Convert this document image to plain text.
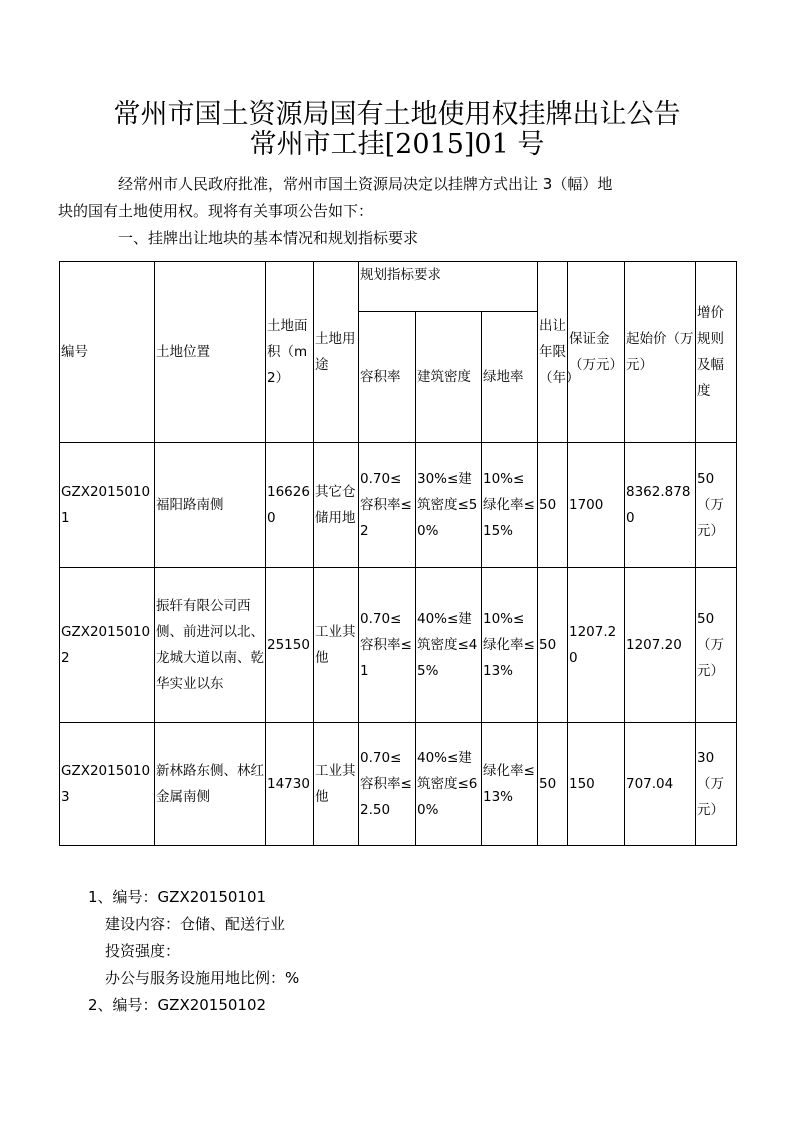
常州市国土资源局国有土地使用权挂牌出让公告
常州市工挂[2015]01 号

经常州市人民政府批准，常州市国土资源局决定以挂牌方式出让 3（幅）地

块的国有土地使用权。现将有关事项公告如下：

一、挂牌出让地块的基本情况和规划指标要求

编号	土地位置	土地面积（m2）	土地用途	规划指标要求			出让年限（年）	保证金（万元）	起始价（万元）	增价规则及幅度
				容积率	建筑密度	绿地率				
GZX20150101	福阳路南侧	166260	其它仓储用地	0.70≤容积率≤2	30%≤建筑密度≤50%	10%≤绿化率≤15%	50	1700	8362.8780	50（万元）
GZX20150102	振轩有限公司西侧、前进河以北、龙城大道以南、乾华实业以东	25150	工业其他	0.70≤容积率≤1	40%≤建筑密度≤45%	10%≤绿化率≤13%	50	1207.20	1207.20	50（万元）
GZX20150103	新林路东侧、林红金属南侧	14730	工业其他	0.70≤容积率≤2.50	40%≤建筑密度≤60%	绿化率≤13%	50	150	707.04	30（万元）
1、编号：GZX20150101
建设内容：仓储、配送行业
投资强度：
办公与服务设施用地比例：%
2、编号：GZX20150102
